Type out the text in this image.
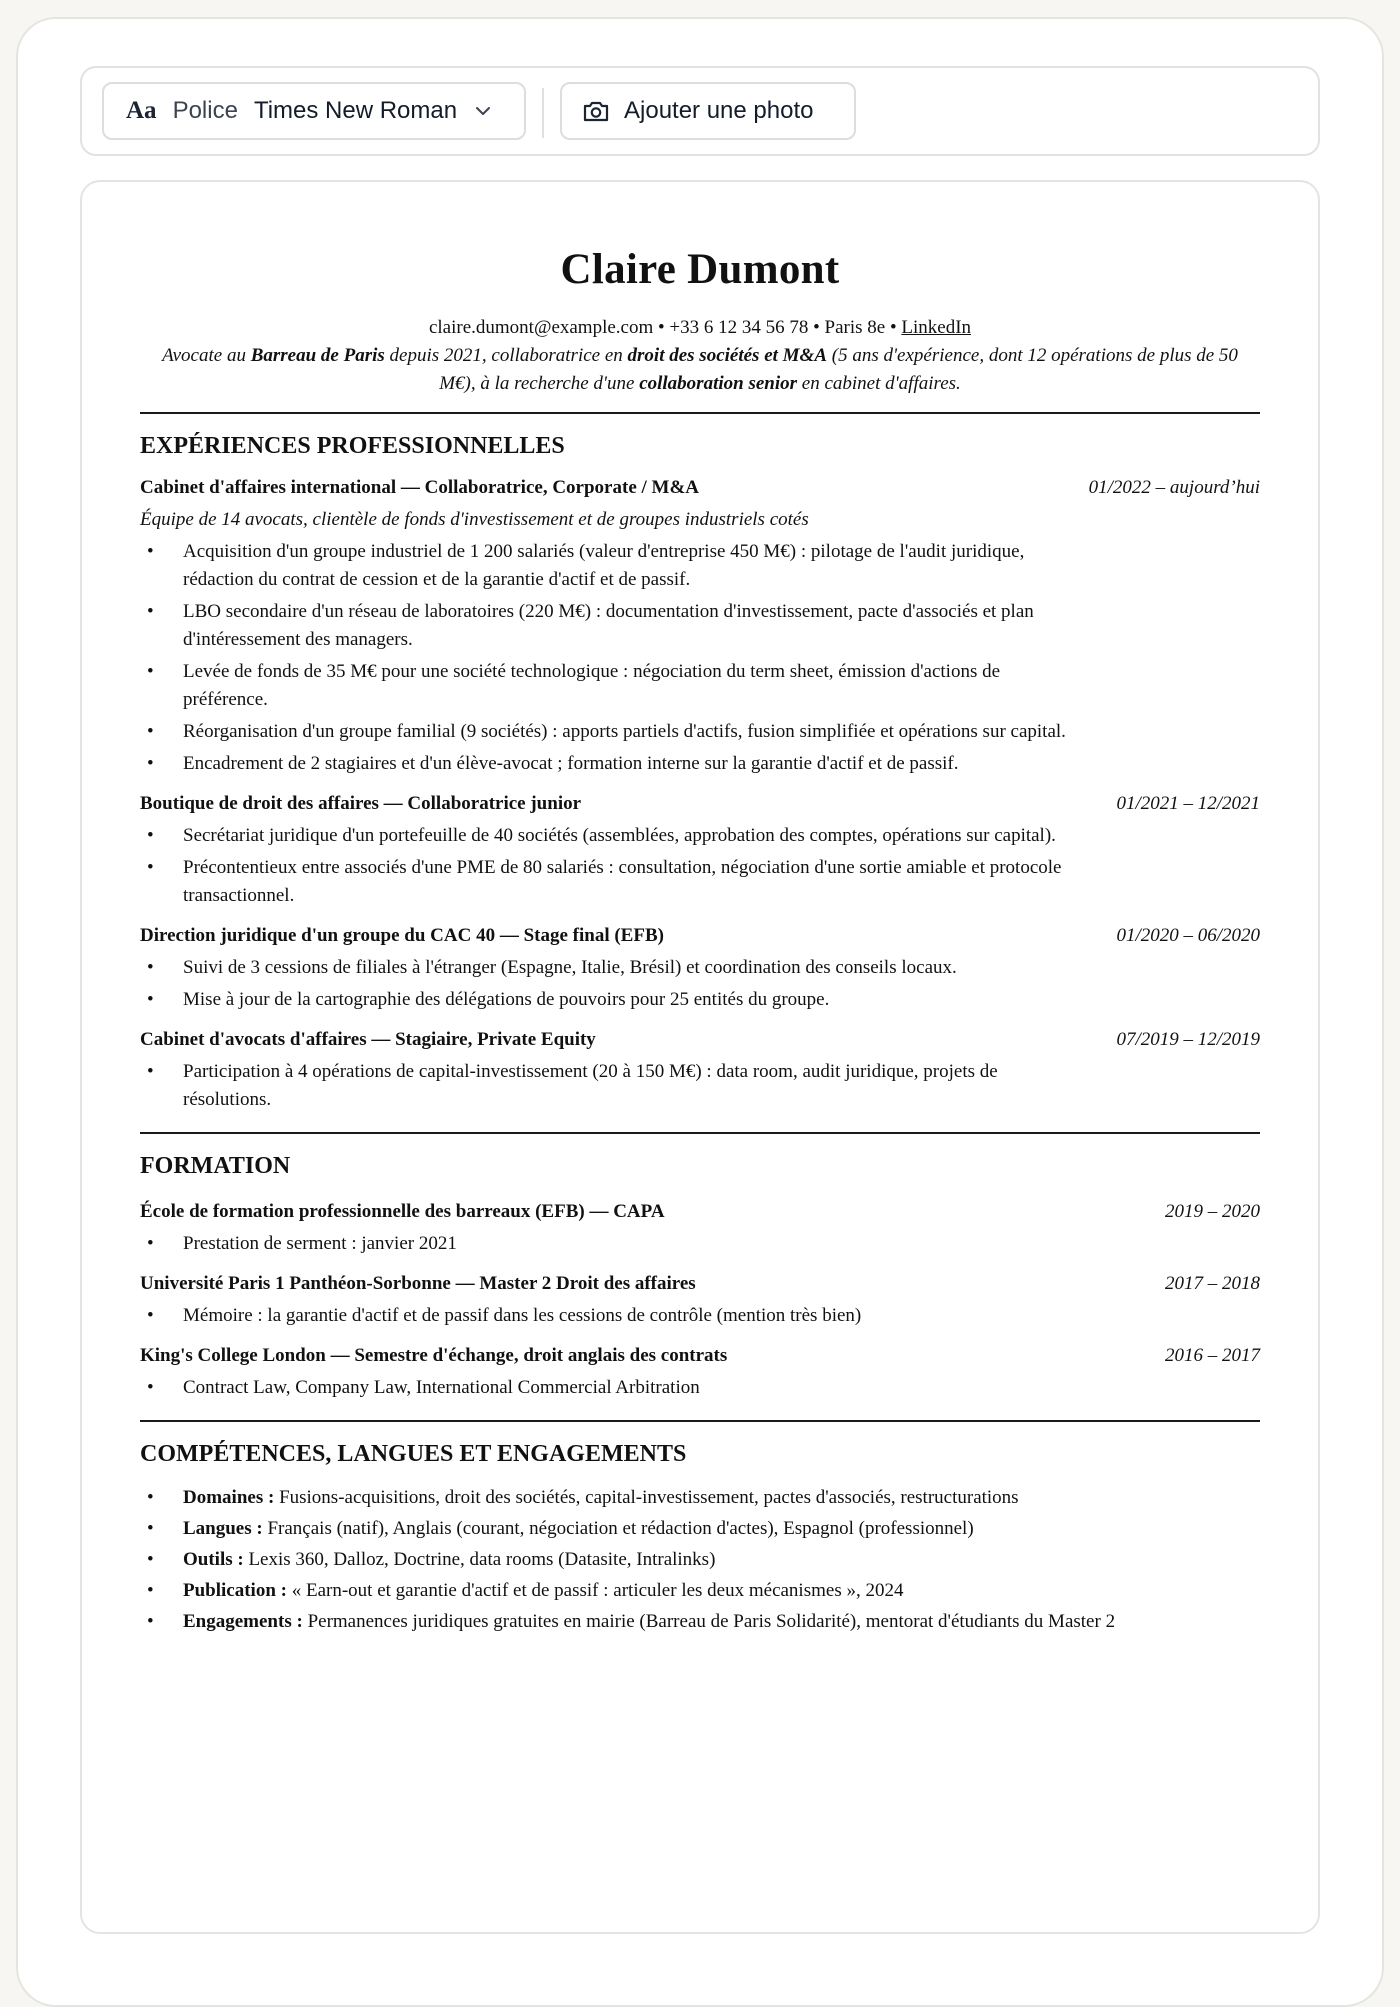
Aa Police Times New Roman	Ajouter une photo
Claire Dumont
claire.dumont@example.com • +33 6 12 34 56 78 • Paris 8e • LinkedIn
Avocate au Barreau de Paris depuis 2021, collaboratrice en droit des sociétés et M&A (5 ans d'expérience, dont 12 opérations de plus de 50 M€), à la recherche d'une collaboration senior en cabinet d'affaires.
EXPÉRIENCES PROFESSIONNELLES
Cabinet d'affaires international — Collaboratrice, Corporate / M&A	01/2022 – aujourd’hui
Équipe de 14 avocats, clientèle de fonds d'investissement et de groupes industriels cotés
• Acquisition d'un groupe industriel de 1 200 salariés (valeur d'entreprise 450 M€) : pilotage de l'audit juridique, rédaction du contrat de cession et de la garantie d'actif et de passif.
• LBO secondaire d'un réseau de laboratoires (220 M€) : documentation d'investissement, pacte d'associés et plan d'intéressement des managers.
• Levée de fonds de 35 M€ pour une société technologique : négociation du term sheet, émission d'actions de préférence.
• Réorganisation d'un groupe familial (9 sociétés) : apports partiels d'actifs, fusion simplifiée et opérations sur capital.
• Encadrement de 2 stagiaires et d'un élève-avocat ; formation interne sur la garantie d'actif et de passif.
Boutique de droit des affaires — Collaboratrice junior	01/2021 – 12/2021
• Secrétariat juridique d'un portefeuille de 40 sociétés (assemblées, approbation des comptes, opérations sur capital).
• Précontentieux entre associés d'une PME de 80 salariés : consultation, négociation d'une sortie amiable et protocole transactionnel.
Direction juridique d'un groupe du CAC 40 — Stage final (EFB)	01/2020 – 06/2020
• Suivi de 3 cessions de filiales à l'étranger (Espagne, Italie, Brésil) et coordination des conseils locaux.
• Mise à jour de la cartographie des délégations de pouvoirs pour 25 entités du groupe.
Cabinet d'avocats d'affaires — Stagiaire, Private Equity	07/2019 – 12/2019
• Participation à 4 opérations de capital-investissement (20 à 150 M€) : data room, audit juridique, projets de résolutions.
FORMATION
École de formation professionnelle des barreaux (EFB) — CAPA	2019 – 2020
• Prestation de serment : janvier 2021
Université Paris 1 Panthéon-Sorbonne — Master 2 Droit des affaires	2017 – 2018
• Mémoire : la garantie d'actif et de passif dans les cessions de contrôle (mention très bien)
King's College London — Semestre d'échange, droit anglais des contrats	2016 – 2017
• Contract Law, Company Law, International Commercial Arbitration
COMPÉTENCES, LANGUES ET ENGAGEMENTS
• Domaines : Fusions-acquisitions, droit des sociétés, capital-investissement, pactes d'associés, restructurations
• Langues : Français (natif), Anglais (courant, négociation et rédaction d'actes), Espagnol (professionnel)
• Outils : Lexis 360, Dalloz, Doctrine, data rooms (Datasite, Intralinks)
• Publication : « Earn-out et garantie d'actif et de passif : articuler les deux mécanismes », 2024
• Engagements : Permanences juridiques gratuites en mairie (Barreau de Paris Solidarité), mentorat d'étudiants du Master 2
